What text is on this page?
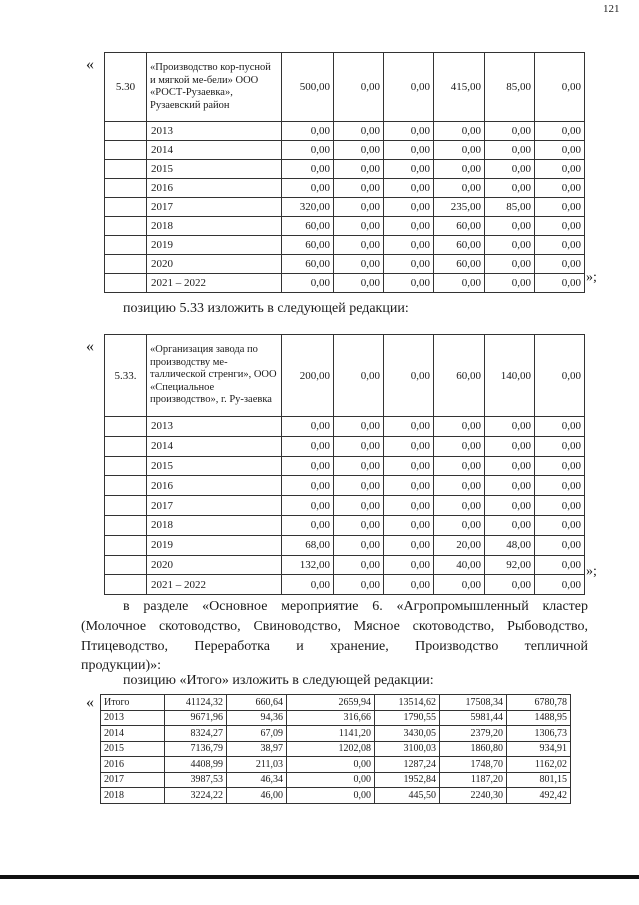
121
«
5.30	«Производство кор-пусной и мягкой ме-бели» ООО «РОСТ-Рузаевка», Рузаевский район	500,00	0,00	0,00	415,00	85,00	0,00
	2013	0,00	0,00	0,00	0,00	0,00	0,00
	2014	0,00	0,00	0,00	0,00	0,00	0,00
	2015	0,00	0,00	0,00	0,00	0,00	0,00
	2016	0,00	0,00	0,00	0,00	0,00	0,00
	2017	320,00	0,00	0,00	235,00	85,00	0,00
	2018	60,00	0,00	0,00	60,00	0,00	0,00
	2019	60,00	0,00	0,00	60,00	0,00	0,00
	2020	60,00	0,00	0,00	60,00	0,00	0,00
	2021 – 2022	0,00	0,00	0,00	0,00	0,00	0,00 »;

позицию 5.33 изложить в следующей редакции:

«
5.33.	«Организация завода по производству ме-таллической стренги», ООО «Специальное производство», г. Ру-заевка	200,00	0,00	0,00	60,00	140,00	0,00
	2013	0,00	0,00	0,00	0,00	0,00	0,00
	2014	0,00	0,00	0,00	0,00	0,00	0,00
	2015	0,00	0,00	0,00	0,00	0,00	0,00
	2016	0,00	0,00	0,00	0,00	0,00	0,00
	2017	0,00	0,00	0,00	0,00	0,00	0,00
	2018	0,00	0,00	0,00	0,00	0,00	0,00
	2019	68,00	0,00	0,00	20,00	48,00	0,00
	2020	132,00	0,00	0,00	40,00	92,00	0,00
	2021 – 2022	0,00	0,00	0,00	0,00	0,00	0,00
»;

в разделе «Основное мероприятие 6. «Агропромышленный кластер

(Молочное скотоводство, Свиноводство, Мясное скотоводство, Рыбоводство,

Птицеводство, Переработка и хранение, Производство тепличной

продукции)»:

позицию «Итого» изложить в следующей редакции:

« Итого	41124,32	660,64	2659,94	13514,62	17508,34	6780,78
2013	9671,96	94,36	316,66	1790,55	5981,44	1488,95
2014	8324,27	67,09	1141,20	3430,05	2379,20	1306,73
2015	7136,79	38,97	1202,08	3100,03	1860,80	934,91
2016	4408,99	211,03	0,00	1287,24	1748,70	1162,02
2017	3987,53	46,34	0,00	1952,84	1187,20	801,15
2018	3224,22	46,00	0,00	445,50	2240,30	492,42
